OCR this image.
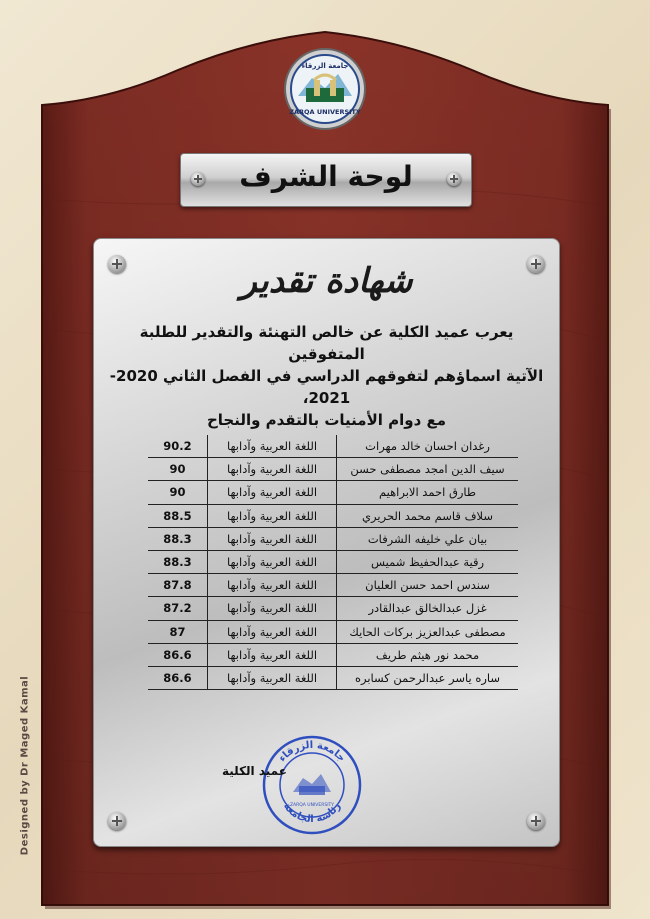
Designed by Dr Maged Kamal
ZARQA UNIVERSITY
جامعة الزرقاء
لوحة الشرف
شهادة تقدير

يعرب عميد الكلية عن خالص التهنئة والتقدير للطلبة المتفوقين

الآتية اسماؤهم لتفوقهم الدراسي في الفصل الثاني 2020-2021،

مع دوام الأمنيات بالتقدم والنجاح

رغدان احسان خالد مهرات	اللغة العربية وآدابها	90.2
سيف الدين امجد مصطفى حسن	اللغة العربية وآدابها	90
طارق احمد الابراهيم	اللغة العربية وآدابها	90
سلاف قاسم محمد الحريري	اللغة العربية وآدابها	88.5
بيان علي خليفه الشرفات	اللغة العربية وآدابها	88.3
رقية عبدالحفيظ شميس	اللغة العربية وآدابها	88.3
سندس احمد حسن العليان	اللغة العربية وآدابها	87.8
غزل عبدالخالق عبدالقادر	اللغة العربية وآدابها	87.2
مصطفى عبدالعزيز بركات الحايك	اللغة العربية وآدابها	87
محمد نور هيثم طريف	اللغة العربية وآدابها	86.6
ساره ياسر عبدالرحمن كسابره	اللغة العربية وآدابها	86.6
جامعة الزرقاء
رئاسة الجامعة
ZARQA UNIVERSITY
عميد الكلية
